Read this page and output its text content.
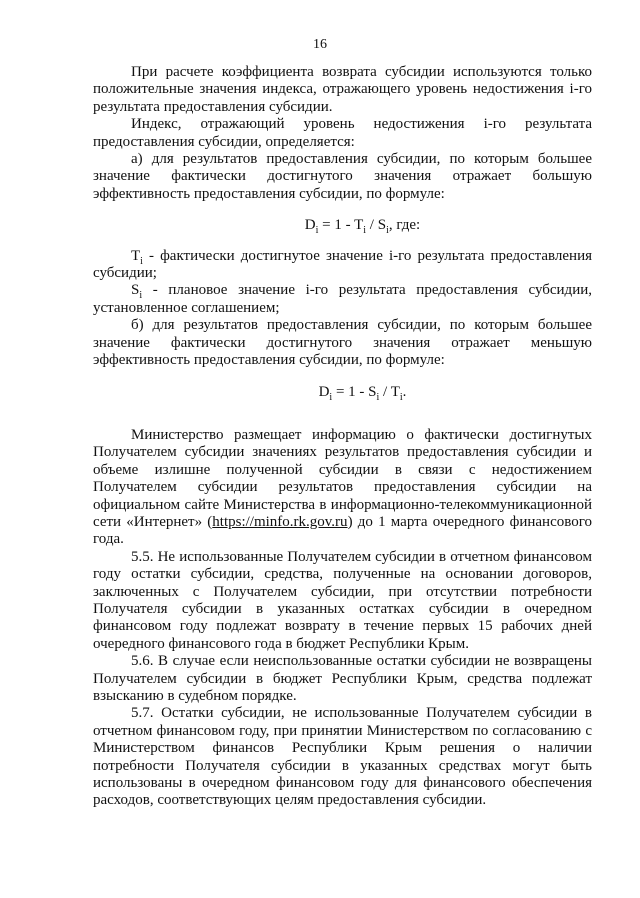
16

При расчете коэффициента возврата субсидии используются только положительные значения индекса, отражающего уровень недостижения i-го результата предоставления субсидии.

Индекс, отражающий уровень недостижения i-го результата предоставления субсидии, определяется:

а) для результатов предоставления субсидии, по которым большее значение фактически достигнутого значения отражает большую эффективность предоставления субсидии, по формуле:

$D_i = 1 - T_i / S_i$, где:

$T_i$ - фактически достигнутое значение i-го результата предоставления субсидии;

$S_i$ - плановое значение i-го результата предоставления субсидии, установленное соглашением;

б) для результатов предоставления субсидии, по которым большее значение фактически достигнутого значения отражает меньшую эффективность предоставления субсидии, по формуле:

$D_i = 1 - S_i / T_i$.

Министерство размещает информацию о фактически достигнутых Получателем субсидии значениях результатов предоставления субсидии и объеме излишне полученной субсидии в связи с недостижением Получателем субсидии результатов предоставления субсидии на официальном сайте Министерства в информационно-телекоммуникационной сети «Интернет» (https://minfo.rk.gov.ru) до 1 марта очередного финансового года.

5.5. Не использованные Получателем субсидии в отчетном финансовом году остатки субсидии, средства, полученные на основании договоров, заключенных с Получателем субсидии, при отсутствии потребности Получателя субсидии в указанных остатках субсидии в очередном финансовом году подлежат возврату в течение первых 15 рабочих дней очередного финансового года в бюджет Республики Крым.

5.6. В случае если неиспользованные остатки субсидии не возвращены Получателем субсидии в бюджет Республики Крым, средства подлежат взысканию в судебном порядке.

5.7. Остатки субсидии, не использованные Получателем субсидии в отчетном финансовом году, при принятии Министерством по согласованию с Министерством финансов Республики Крым решения о наличии потребности Получателя субсидии в указанных средствах могут быть использованы в очередном финансовом году для финансового обеспечения расходов, соответствующих целям предоставления субсидии.
